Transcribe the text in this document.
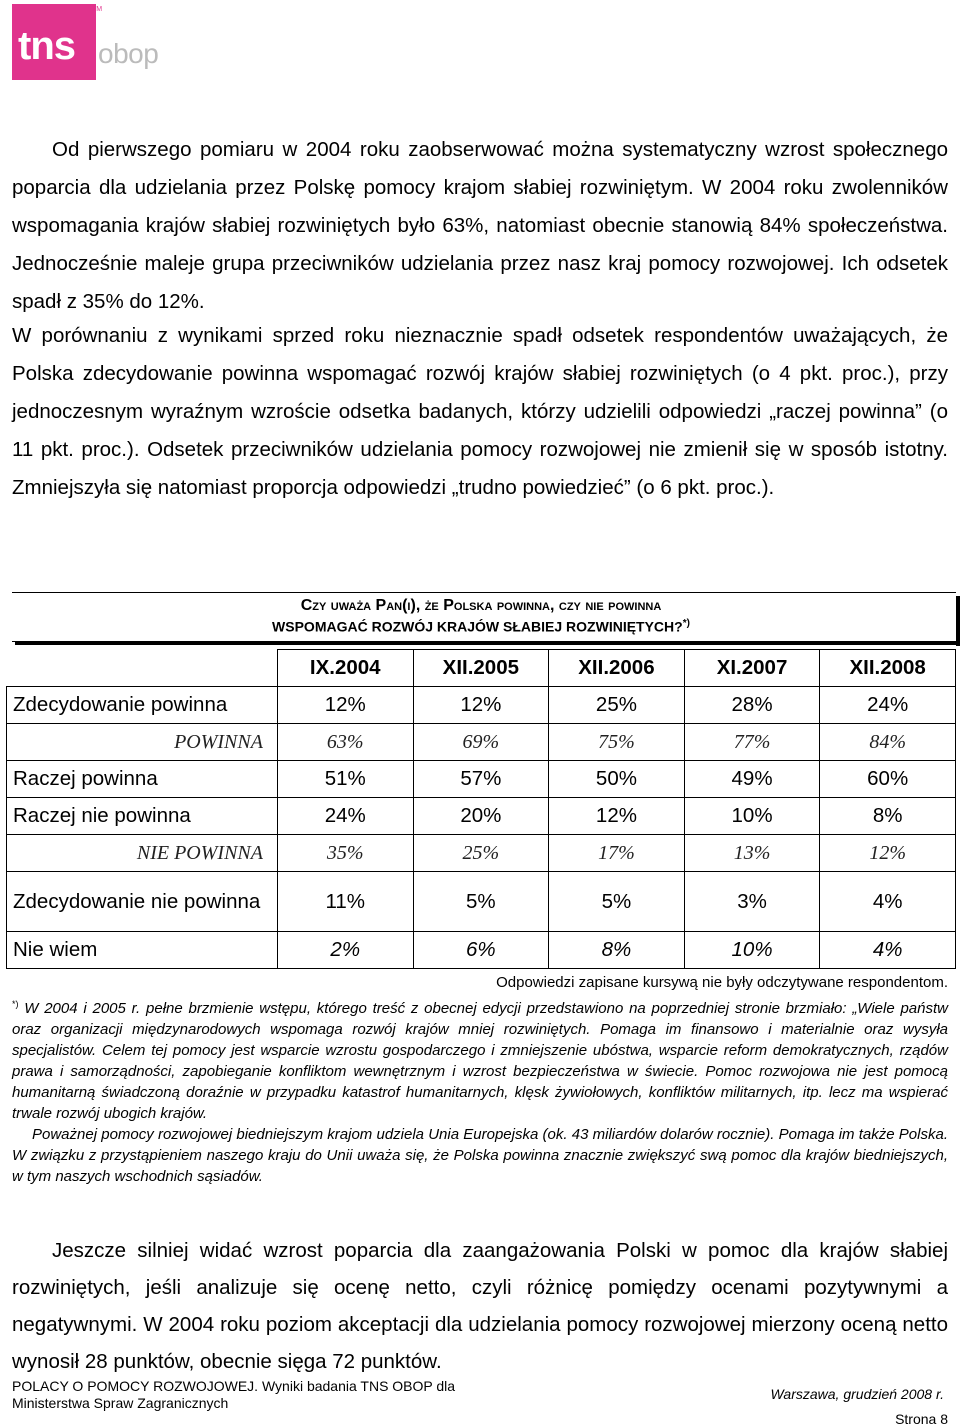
tns
TM
obop

Od pierwszego pomiaru w 2004 roku zaobserwować można systematyczny wzrost społecznego poparcia dla udzielania przez Polskę pomocy krajom słabiej rozwiniętym. W 2004 roku zwolenników wspomagania krajów słabiej rozwiniętych było 63%, natomiast obecnie stanowią 84% społeczeństwa. Jednocześnie maleje grupa przeciwników udzielania przez nasz kraj pomocy rozwojowej. Ich odsetek spadł z 35% do 12%.

W porównaniu z wynikami sprzed roku nieznacznie spadł odsetek respondentów uważających, że Polska zdecydowanie powinna wspomagać rozwój krajów słabiej rozwiniętych (o 4 pkt. proc.), przy jednoczesnym wyraźnym wzroście odsetka badanych, którzy udzielili odpowiedzi „raczej powinna” (o 11 pkt. proc.). Odsetek przeciwników udzielania pomocy rozwojowej nie zmienił się w sposób istotny. Zmniejszyła się natomiast proporcja odpowiedzi „trudno powiedzieć” (o 6 pkt. proc.).

Czy uważa Pan(i), że Polska powinna, czy nie powinna
WSPOMAGAĆ ROZWÓJ KRAJÓW SŁABIEJ ROZWINIĘTYCH?*)
	IX.2004	XII.2005	XII.2006	XI.2007	XII.2008
Zdecydowanie powinna	12%	12%	25%	28%	24%
POWINNA	63%	69%	75%	77%	84%
Raczej powinna	51%	57%	50%	49%	60%
Raczej nie powinna	24%	20%	12%	10%	8%
NIE POWINNA	35%	25%	17%	13%	12%
Zdecydowanie nie powinna	11%	5%	5%	3%	4%
Nie wiem	2%	6%	8%	10%	4%
Odpowiedzi zapisane kursywą nie były odczytywane respondentom.

*) W 2004 i 2005 r. pełne brzmienie wstępu, którego treść z obecnej edycji przedstawiono na poprzedniej stronie brzmiało: „Wiele państw oraz organizacji międzynarodowych wspomaga rozwój krajów mniej rozwiniętych. Pomaga im finansowo i materialnie oraz wysyła specjalistów. Celem tej pomocy jest wsparcie wzrostu gospodarczego i zmniejszenie ubóstwa, wsparcie reform demokratycznych, rządów prawa i samorządności, zapobieganie konfliktom wewnętrznym i wzrost bezpieczeństwa w świecie. Pomoc rozwojowa nie jest pomocą humanitarną świadczoną doraźnie w przypadku katastrof humanitarnych, klęsk żywiołowych, konfliktów militarnych, itp. lecz ma wspierać trwale rozwój ubogich krajów.

Poważnej pomocy rozwojowej biedniejszym krajom udziela Unia Europejska (ok. 43 miliardów dolarów rocznie). Pomaga im także Polska. W związku z przystąpieniem naszego kraju do Unii uważa się, że Polska powinna znacznie zwiększyć swą pomoc dla krajów biedniejszych, w tym naszych wschodnich sąsiadów.

Jeszcze silniej widać wzrost poparcia dla zaangażowania Polski w pomoc dla krajów słabiej rozwiniętych, jeśli analizuje się ocenę netto, czyli różnicę pomiędzy ocenami pozytywnymi a negatywnymi. W 2004 roku poziom akceptacji dla udzielania pomocy rozwojowej mierzony oceną netto wynosił 28 punktów, obecnie sięga 72 punktów.

POLACY O POMOCY ROZWOJOWEJ. Wyniki badania TNS OBOP dla
Ministerstwa Spraw Zagranicznych
Warszawa, grudzień 2008 r.
Strona 8
